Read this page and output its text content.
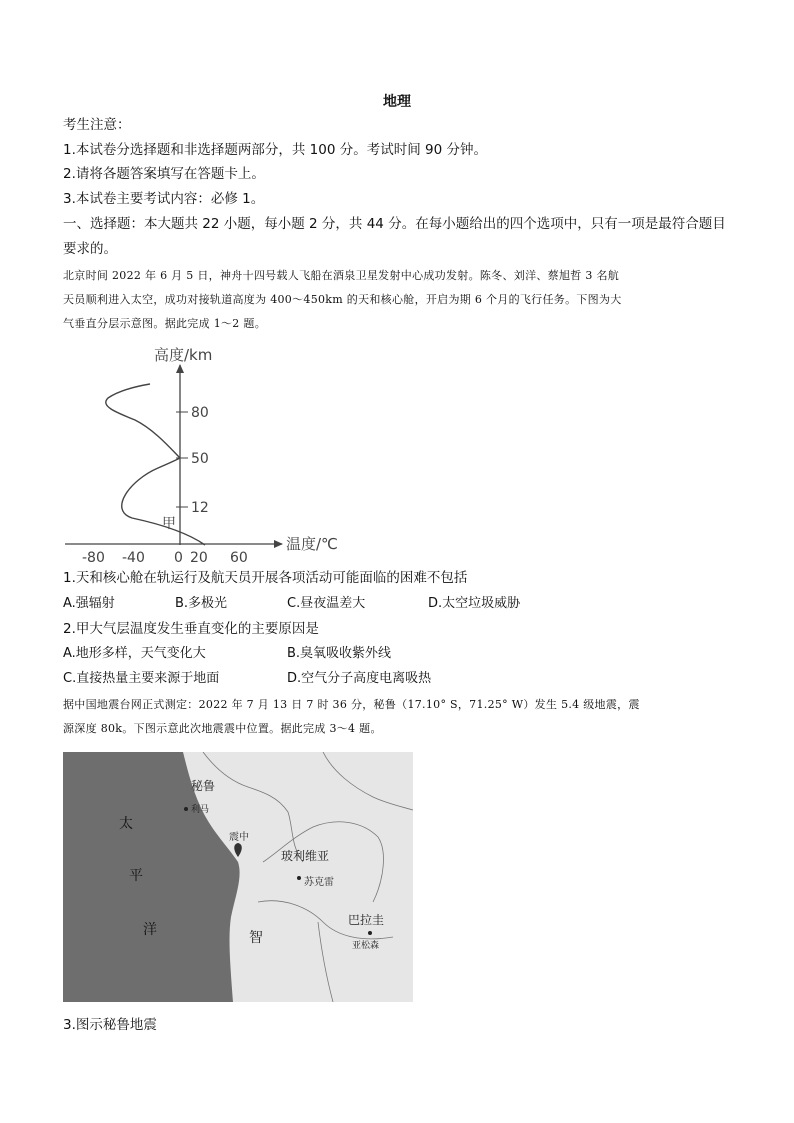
地理
考生注意：
1.本试卷分选择题和非选择题两部分，共 100 分。考试时间 90 分钟。
2.请将各题答案填写在答题卡上。
3.本试卷主要考试内容：必修 1。
一、选择题：本大题共 22 小题，每小题 2 分，共 44 分。在每小题给出的四个选项中，只有一项是最符合题目
要求的。
北京时间 2022 年 6 月 5 日，神舟十四号载人飞船在酒泉卫星发射中心成功发射。陈冬、刘洋、蔡旭哲 3 名航
天员顺利进入太空，成功对接轨道高度为 400～450km 的天和核心舱，开启为期 6 个月的飞行任务。下图为大
气垂直分层示意图。据此完成 1～2 题。
高度/km
温度/℃
80
50
12
-80 -40 0 20 60
甲
1.天和核心舱在轨运行及航天员开展各项活动可能面临的困难不包括
A.强辐射	B.多极光	C.昼夜温差大	D.太空垃圾威胁
2.甲大气层温度发生垂直变化的主要原因是
A.地形多样，天气变化大	B.臭氧吸收紫外线
C.直接热量主要来源于地面	D.空气分子高度电离吸热
据中国地震台网正式测定：2022 年 7 月 13 日 7 时 36 分，秘鲁（17.10° S，71.25° W）发生 5.4 级地震，震
源深度 80k。下图示意此次地震震中位置。据此完成 3～4 题。
秘鲁
利马
震中
玻利维亚
苏克雷
巴拉圭
亚松森
智
太
平
洋
3.图示秘鲁地震
